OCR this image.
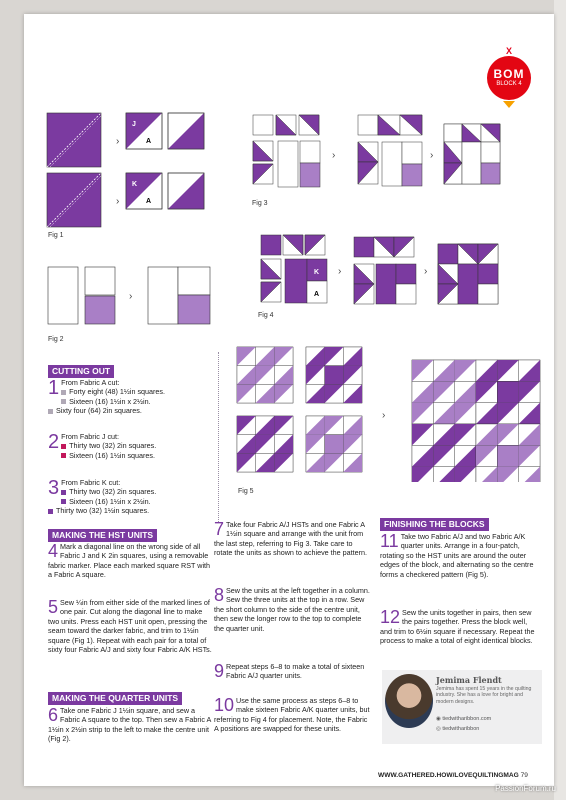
X
BOM
BLOCK 4
›
J
A
›
K
A
Fig 1
›
Fig 2
›	›
Fig 3
K
A
›	›
Fig 4
›
Fig 5
CUTTING OUT
1 From Fabric A cut:
Forty eight (48) 1½in squares.
Sixteen (16) 1½in x 2½in.
Sixty four (64) 2in squares.
2 From Fabric J cut:
Thirty two (32) 2in squares.
Sixteen (16) 1½in squares.
3 From Fabric K cut:
Thirty two (32) 2in squares.
Sixteen (16) 1½in x 2½in.
Thirty two (32) 1½in squares.
MAKING THE HST UNITS
4 Mark a diagonal line on the wrong side of all Fabric J and K 2in squares, using a removable fabric marker. Place each marked square RST with a Fabric A square.
5 Sew ¼in from either side of the marked lines of one pair. Cut along the diagonal line to make two units. Press each HST unit open, pressing the seam toward the darker fabric, and trim to 1½in square (Fig 1). Repeat with each pair for a total of sixty four Fabric A/J and sixty four Fabric A/K HSTs.
MAKING THE QUARTER UNITS
6 Take one Fabric J 1½in square, and sew a Fabric A square to the top. Then sew a Fabric A 1½in x 2½in strip to the left to make the centre unit (Fig 2).
7 Take four Fabric A/J HSTs and one Fabric A 1½in square and arrange with the unit from the last step, referring to Fig 3. Take care to rotate the units as shown to achieve the pattern.
8 Sew the units at the left together in a column. Sew the three units at the top in a row. Sew the short column to the side of the centre unit, then sew the longer row to the top to complete the quarter unit.
9 Repeat steps 6–8 to make a total of sixteen Fabric A/J quarter units.
10 Use the same process as steps 6–8 to make sixteen Fabric A/K quarter units, but referring to Fig 4 for placement. Note, the Fabric A positions are swapped for these units.
FINISHING THE BLOCKS
11 Take two Fabric A/J and two Fabric A/K quarter units. Arrange in a four-patch, rotating so the HST units are around the outer edges of the block, and alternating so the centre forms a checkered pattern (Fig 5).
12 Sew the units together in pairs, then sew the pairs together. Press the block well, and trim to 6½in square if necessary. Repeat the process to make a total of eight identical blocks.
Jemima Flendt
Jemima has spent 15 years in the quilting industry. She has a love for bright and modern designs.
◉ tiedwitharibbon.com
◎ tiedwitharibbon
WWW.GATHERED.HOW/LOVEQUILTINGMAG 79
PassionForum.ru
